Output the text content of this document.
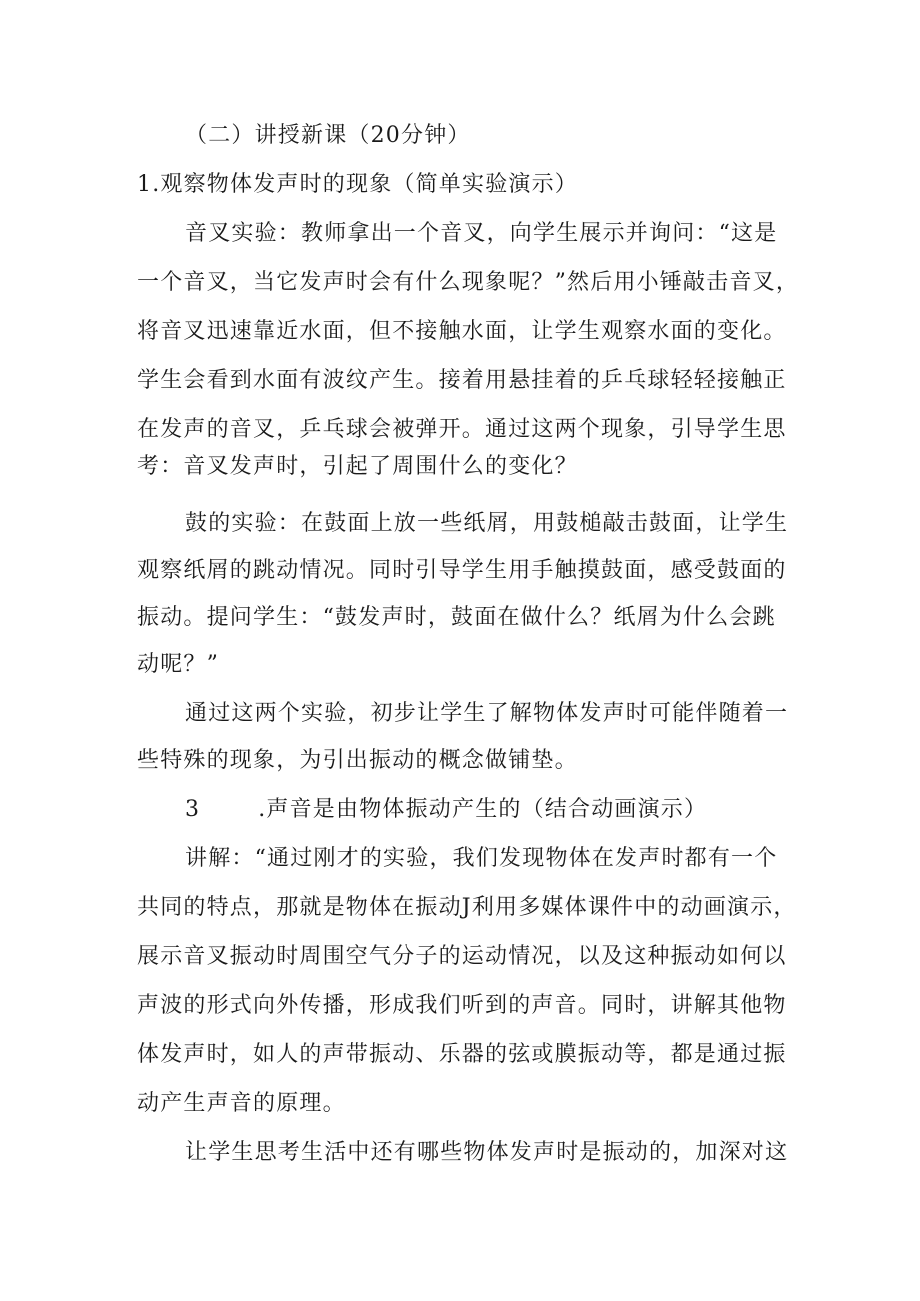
（二）讲授新课（20分钟）
1.观察物体发声时的现象（简单实验演示）
音叉实验：教师拿出一个音叉，向学生展示并询问：“这是
一个音叉，当它发声时会有什么现象呢？”然后用小锤敲击音叉，
将音叉迅速靠近水面，但不接触水面，让学生观察水面的变化。
学生会看到水面有波纹产生。接着用悬挂着的乒乓球轻轻接触正
在发声的音叉，乒乓球会被弹开。通过这两个现象，引导学生思
考：音叉发声时，引起了周围什么的变化？
鼓的实验：在鼓面上放一些纸屑，用鼓槌敲击鼓面，让学生
观察纸屑的跳动情况。同时引导学生用手触摸鼓面，感受鼓面的
振动。提问学生：“鼓发声时，鼓面在做什么？纸屑为什么会跳
动呢？”
通过这两个实验，初步让学生了解物体发声时可能伴随着一
些特殊的现象，为引出振动的概念做铺垫。
3	.声音是由物体振动产生的（结合动画演示）
讲解：“通过刚才的实验，我们发现物体在发声时都有一个
共同的特点，那就是物体在振动J利用多媒体课件中的动画演示，
展示音叉振动时周围空气分子的运动情况，以及这种振动如何以
声波的形式向外传播，形成我们听到的声音。同时，讲解其他物
体发声时，如人的声带振动、乐器的弦或膜振动等，都是通过振
动产生声音的原理。
让学生思考生活中还有哪些物体发声时是振动的，加深对这
